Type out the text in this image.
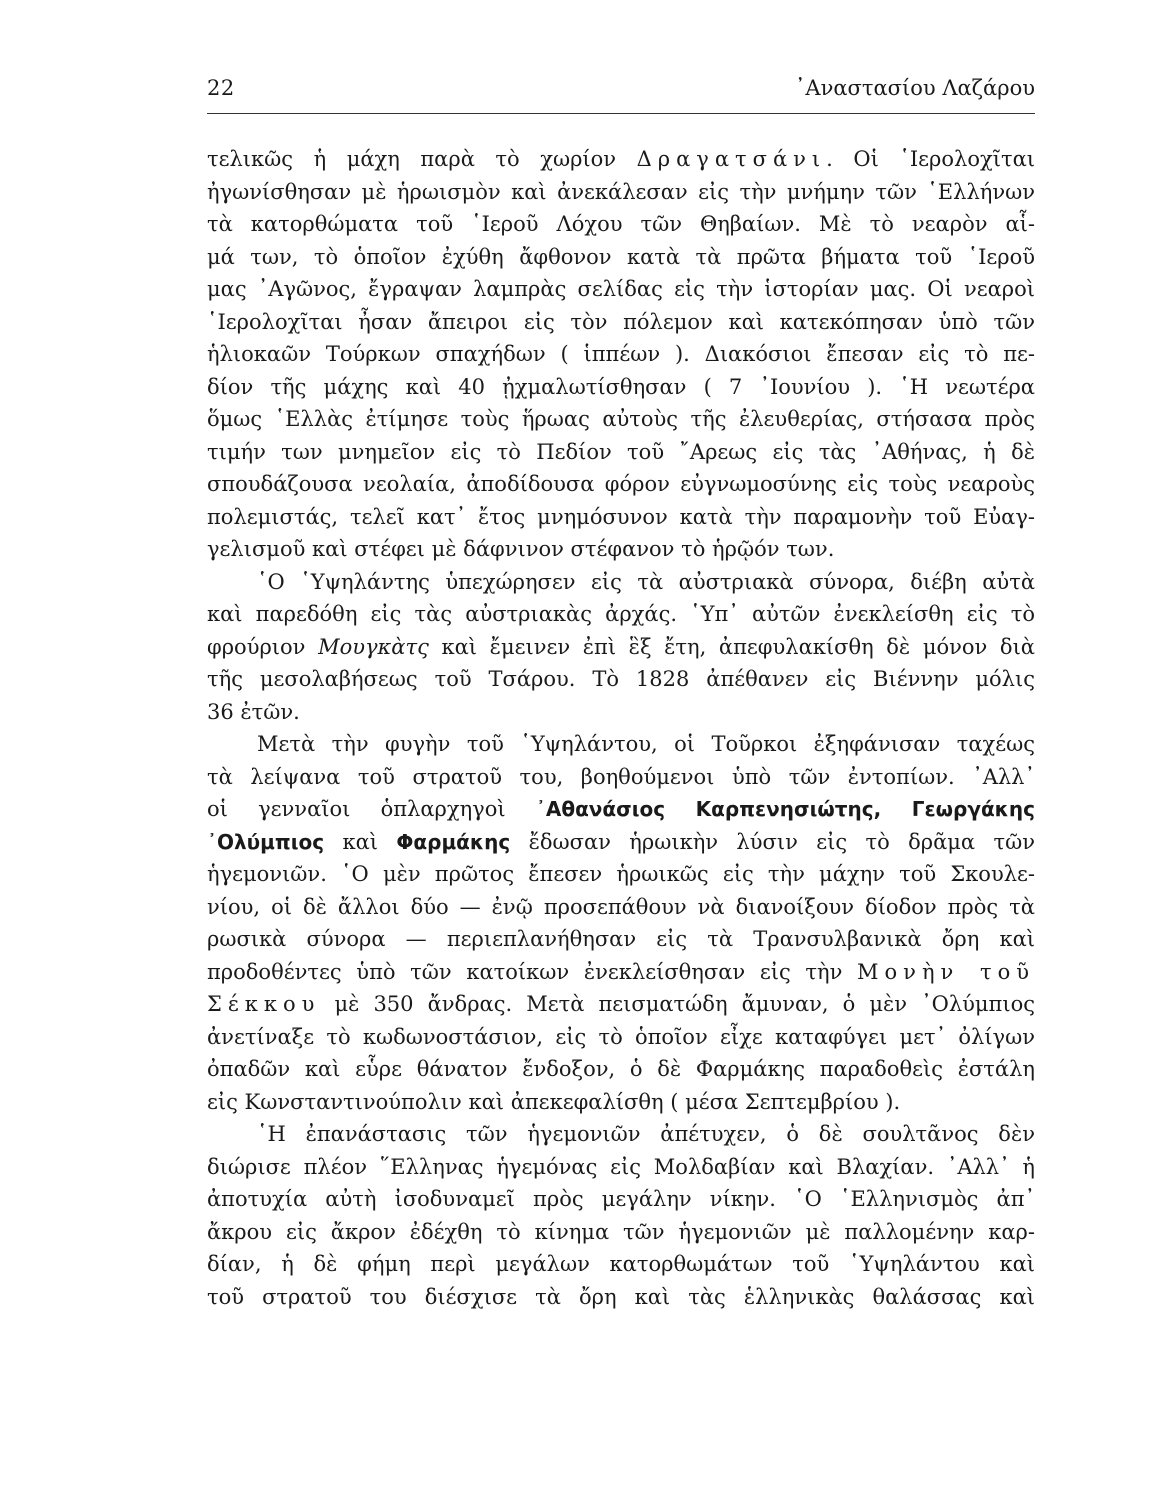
22	᾿Αναστασίου Λαζάρου
τελικῶς ἡ μάχη παρὰ τὸ χωρίον Δραγατσάνι. Οἱ ῾Ιερολοχῖται
ἠγωνίσθησαν μὲ ἡρωισμὸν καὶ ἀνεκάλεσαν εἰς τὴν μνήμην τῶν ῾Ελλήνων
τὰ κατορθώματα τοῦ ῾Ιεροῦ Λόχου τῶν Θηβαίων. Μὲ τὸ νεαρὸν αἷ-
μά των, τὸ ὁποῖον ἐχύθη ἄφθονον κατὰ τὰ πρῶτα βήματα τοῦ ῾Ιεροῦ
μας ᾿Αγῶνος, ἔγραψαν λαμπρὰς σελίδας εἰς τὴν ἱστορίαν μας. Οἱ νεαροὶ
῾Ιερολοχῖται ἦσαν ἄπειροι εἰς τὸν πόλεμον καὶ κατεκόπησαν ὑπὸ τῶν
ἡλιοκαῶν Τούρκων σπαχήδων ( ἱππέων ). Διακόσιοι ἔπεσαν εἰς τὸ πε-
δίον τῆς μάχης καὶ 40 ᾐχμαλωτίσθησαν ( 7 ᾿Ιουνίου ). ῾Η νεωτέρα
ὅμως ῾Ελλὰς ἐτίμησε τοὺς ἥρωας αὐτοὺς τῆς ἐλευθερίας, στήσασα πρὸς
τιμήν των μνημεῖον εἰς τὸ Πεδίον τοῦ ῎Αρεως εἰς τὰς ᾿Αθήνας, ἡ δὲ
σπουδάζουσα νεολαία, ἀποδίδουσα φόρον εὐγνωμοσύνης εἰς τοὺς νεαροὺς
πολεμιστάς, τελεῖ κατ᾿ ἔτος μνημόσυνον κατὰ τὴν παραμονὴν τοῦ Εὐαγ-
γελισμοῦ καὶ στέφει μὲ δάφνινον στέφανον τὸ ἡρῷόν των.
῾Ο ῾Υψηλάντης ὑπεχώρησεν εἰς τὰ αὐστριακὰ σύνορα, διέβη αὐτὰ
καὶ παρεδόθη εἰς τὰς αὐστριακὰς ἀρχάς. ῾Υπ᾿ αὐτῶν ἐνεκλείσθη εἰς τὸ
φρούριον Μουγκὰτς καὶ ἔμεινεν ἐπὶ ἓξ ἔτη, ἀπεφυλακίσθη δὲ μόνον διὰ
τῆς μεσολαβήσεως τοῦ Τσάρου. Τὸ 1828 ἀπέθανεν εἰς Βιέννην μόλις
36 ἐτῶν.
Μετὰ τὴν φυγὴν τοῦ ῾Υψηλάντου, οἱ Τοῦρκοι ἐξηφάνισαν ταχέως
τὰ λείψανα τοῦ στρατοῦ του, βοηθούμενοι ὑπὸ τῶν ἐντοπίων. ᾿Αλλ᾿
οἱ γενναῖοι ὁπλαρχηγοὶ ᾿Αθανάσιος Καρπενησιώτης, Γεωργάκης
᾿Ολύμπιος καὶ Φαρμάκης ἔδωσαν ἡρωικὴν λύσιν εἰς τὸ δρᾶμα τῶν
ἡγεμονιῶν. ῾Ο μὲν πρῶτος ἔπεσεν ἡρωικῶς εἰς τὴν μάχην τοῦ Σκουλε-
νίου, οἱ δὲ ἄλλοι δύο — ἐνῷ προσεπάθουν νὰ διανοίξουν δίοδον πρὸς τὰ
ρωσικὰ σύνορα — περιεπλανήθησαν εἰς τὰ Τρανσυλβανικὰ ὄρη καὶ
προδοθέντες ὑπὸ τῶν κατοίκων ἐνεκλείσθησαν εἰς τὴν Μονὴν τοῦ
Σέκκου μὲ 350 ἄνδρας. Μετὰ πεισματώδη ἄμυναν, ὁ μὲν ᾿Ολύμπιος
ἀνετίναξε τὸ κωδωνοστάσιον, εἰς τὸ ὁποῖον εἶχε καταφύγει μετ᾿ ὀλίγων
ὀπαδῶν καὶ εὗρε θάνατον ἔνδοξον, ὁ δὲ Φαρμάκης παραδοθεὶς ἐστάλη
εἰς Κωνσταντινούπολιν καὶ ἀπεκεφαλίσθη ( μέσα Σεπτεμβρίου ).
῾Η ἐπανάστασις τῶν ἡγεμονιῶν ἀπέτυχεν, ὁ δὲ σουλτᾶνος δὲν
διώρισε πλέον ῞Ελληνας ἡγεμόνας εἰς Μολδαβίαν καὶ Βλαχίαν. ᾿Αλλ᾿ ἡ
ἀποτυχία αὐτὴ ἰσοδυναμεῖ πρὸς μεγάλην νίκην. ῾Ο ῾Ελληνισμὸς ἀπ᾿
ἄκρου εἰς ἄκρον ἐδέχθη τὸ κίνημα τῶν ἡγεμονιῶν μὲ παλλομένην καρ-
δίαν, ἡ δὲ φήμη περὶ μεγάλων κατορθωμάτων τοῦ ῾Υψηλάντου καὶ
τοῦ στρατοῦ του διέσχισε τὰ ὄρη καὶ τὰς ἑλληνικὰς θαλάσσας καὶ
